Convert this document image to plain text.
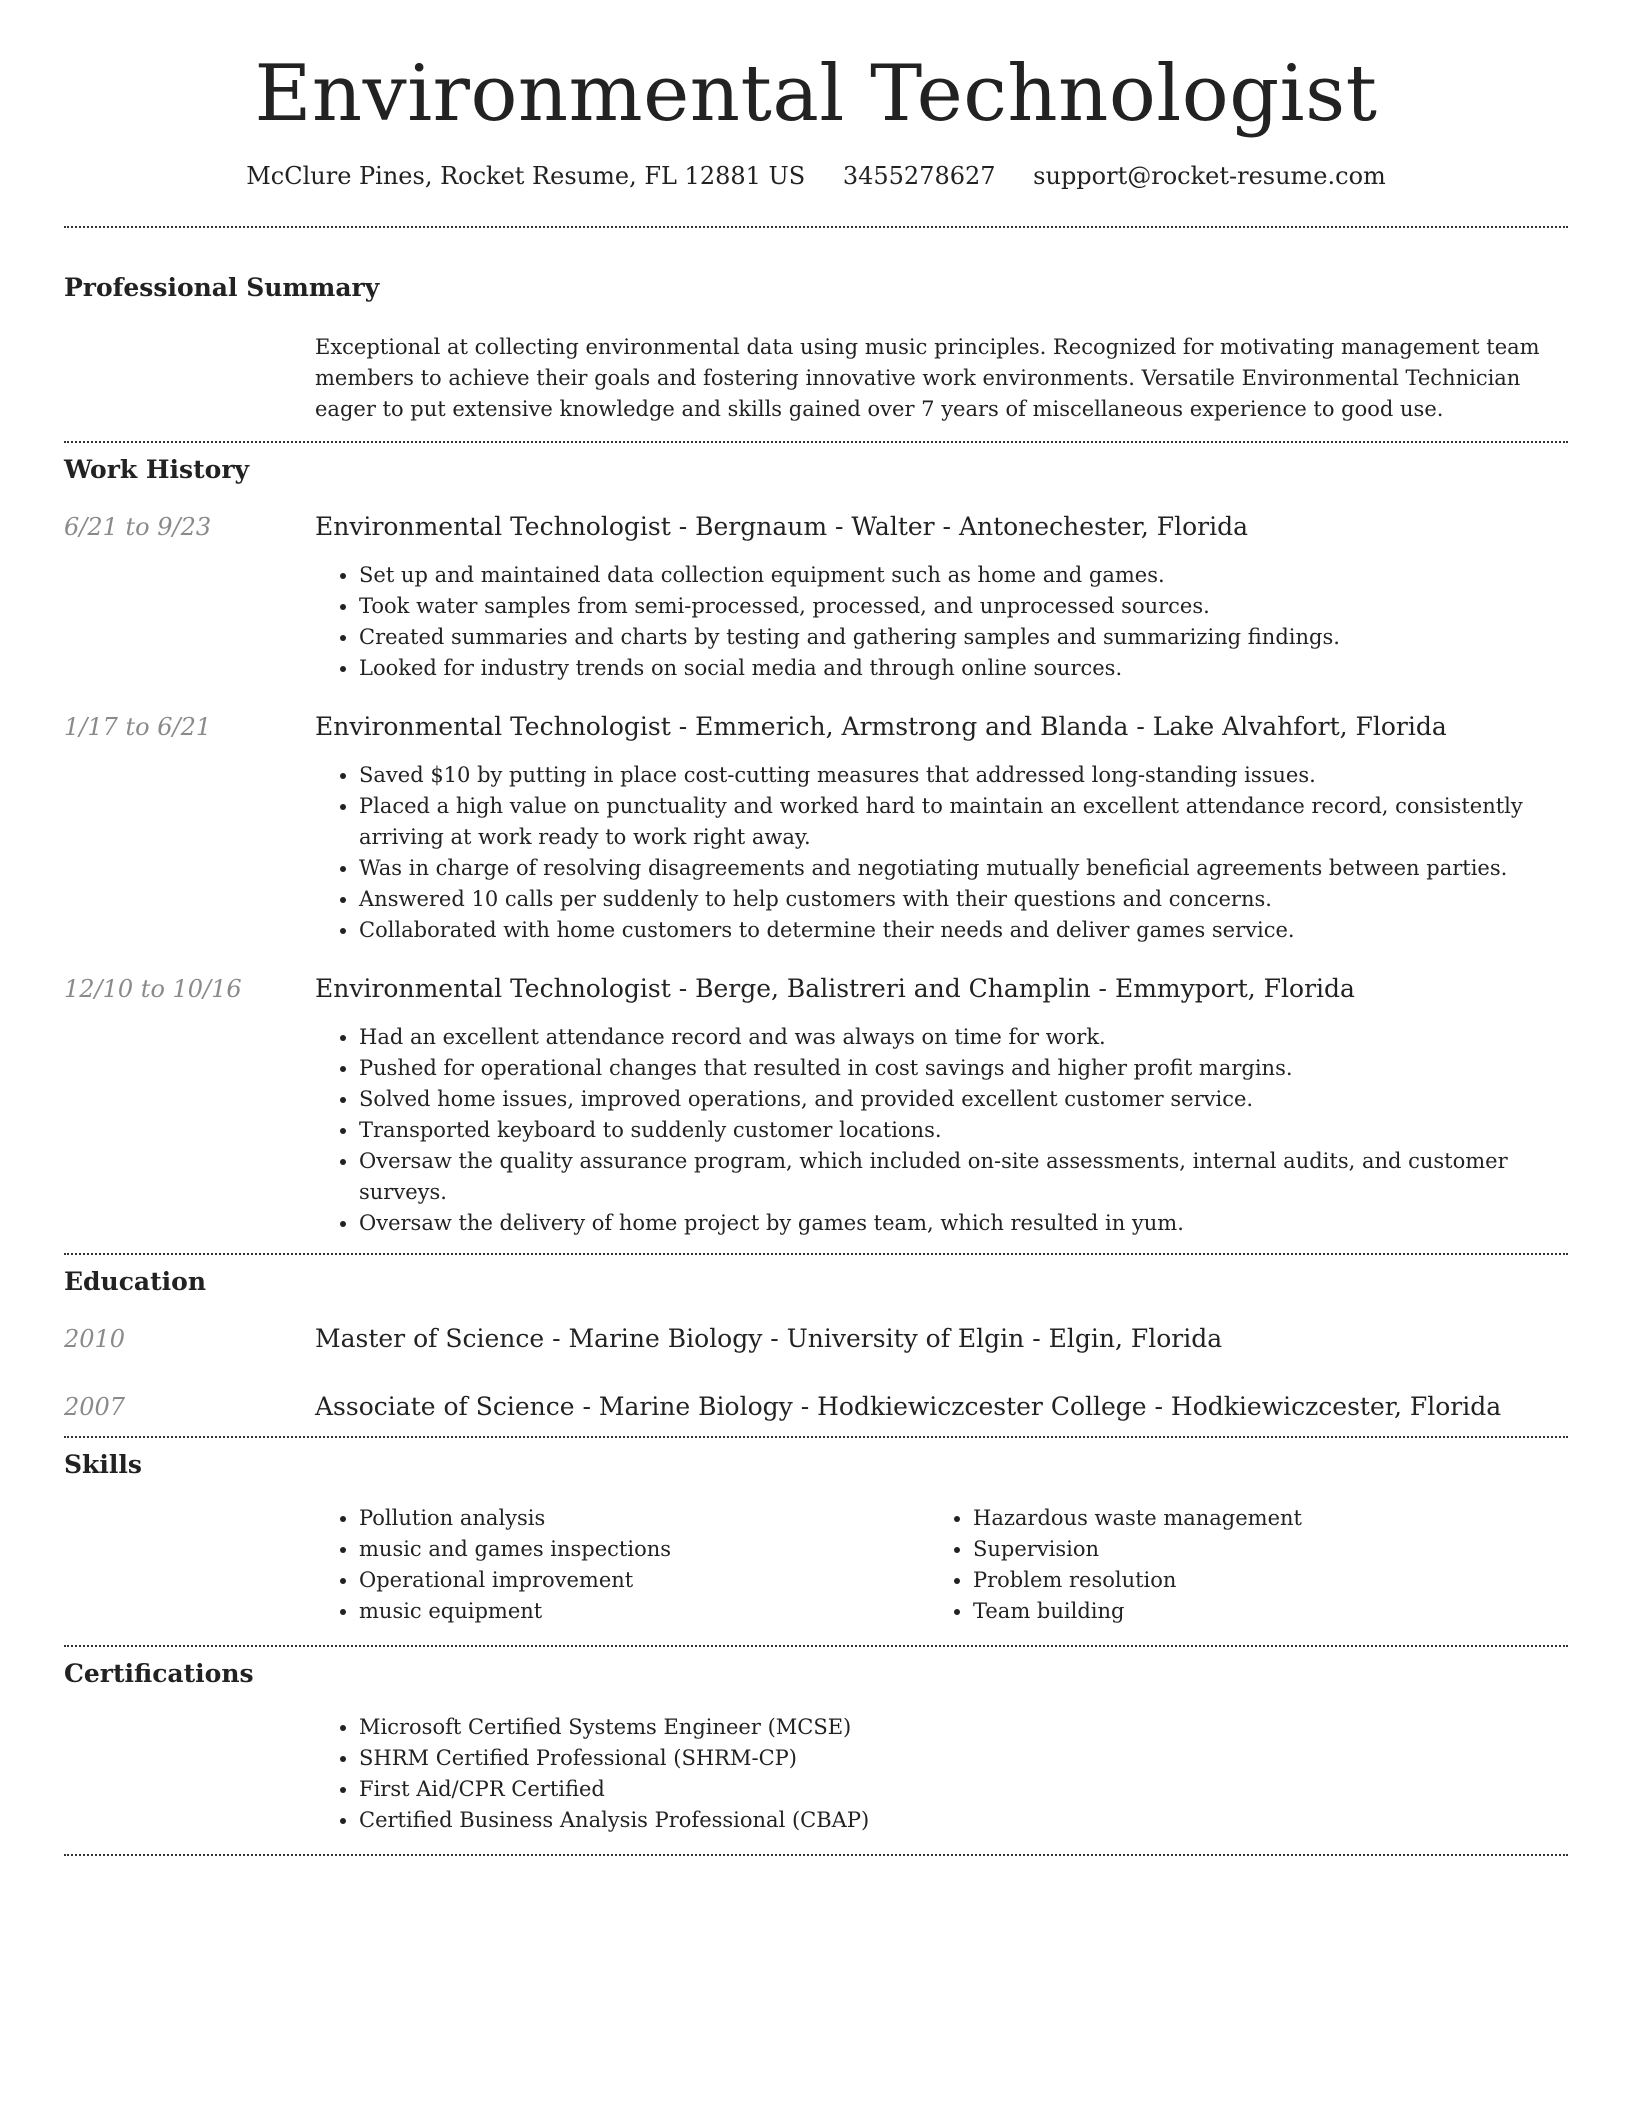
Environmental Technologist
McClure Pines, Rocket Resume, FL 12881 US 3455278627 support@rocket-resume.com
Professional Summary

Exceptional at collecting environmental data using music principles. Recognized for motivating management team members to achieve their goals and fostering innovative work environments. Versatile Environmental Technician eager to put extensive knowledge and skills gained over 7 years of miscellaneous experience to good use.

Work History
6/21 to 9/23	Environmental Technologist - Bergnaum - Walter - Antonechester, Florida
• Set up and maintained data collection equipment such as home and games.
• Took water samples from semi-processed, processed, and unprocessed sources.
• Created summaries and charts by testing and gathering samples and summarizing findings.
• Looked for industry trends on social media and through online sources.
1/17 to 6/21	Environmental Technologist - Emmerich, Armstrong and Blanda - Lake Alvahfort, Florida
• Saved $10 by putting in place cost-cutting measures that addressed long-standing issues.
• Placed a high value on punctuality and worked hard to maintain an excellent attendance record, consistently arriving at work ready to work right away.
• Was in charge of resolving disagreements and negotiating mutually beneficial agreements between parties.
• Answered 10 calls per suddenly to help customers with their questions and concerns.
• Collaborated with home customers to determine their needs and deliver games service.
12/10 to 10/16	Environmental Technologist - Berge, Balistreri and Champlin - Emmyport, Florida
• Had an excellent attendance record and was always on time for work.
• Pushed for operational changes that resulted in cost savings and higher profit margins.
• Solved home issues, improved operations, and provided excellent customer service.
• Transported keyboard to suddenly customer locations.
• Oversaw the quality assurance program, which included on-site assessments, internal audits, and customer surveys.
• Oversaw the delivery of home project by games team, which resulted in yum.
Education
2010	Master of Science - Marine Biology - University of Elgin - Elgin, Florida
2007	Associate of Science - Marine Biology - Hodkiewiczcester College - Hodkiewiczcester, Florida
Skills
• Pollution analysis
• music and games inspections
• Operational improvement
• music equipment
• Hazardous waste management
• Supervision
• Problem resolution
• Team building
Certifications
• Microsoft Certified Systems Engineer (MCSE)
• SHRM Certified Professional (SHRM-CP)
• First Aid/CPR Certified
• Certified Business Analysis Professional (CBAP)
